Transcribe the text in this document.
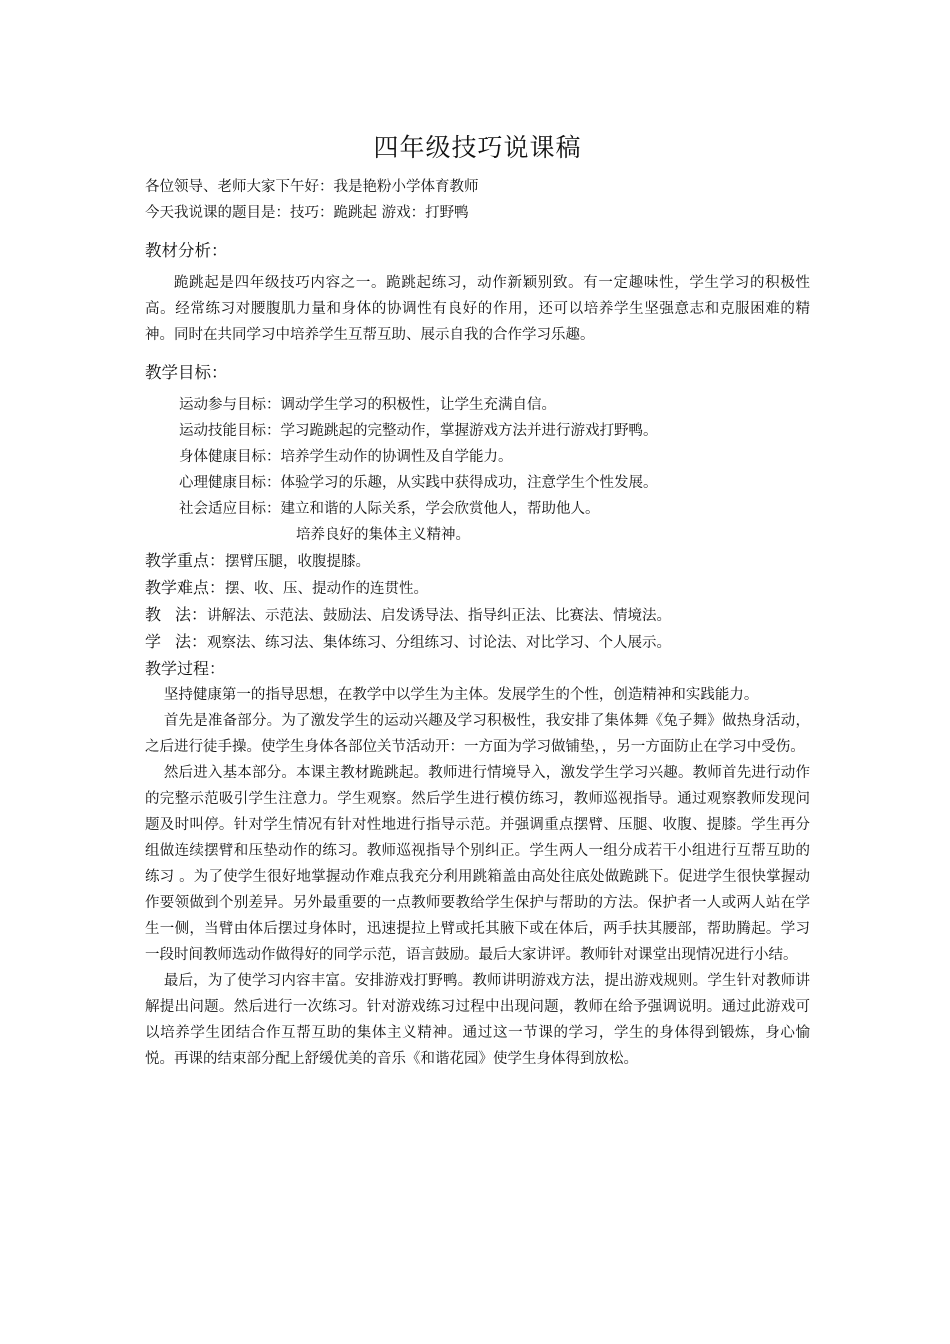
四年级技巧说课稿
各位领导、老师大家下午好：我是艳粉小学体育教师
今天我说课的题目是：技巧：跪跳起 游戏：打野鸭
教材分析：

跪跳起是四年级技巧内容之一。跪跳起练习，动作新颖别致。有一定趣味性，学生学习的积极性高。经常练习对腰腹肌力量和身体的协调性有良好的作用，还可以培养学生坚强意志和克服困难的精神。同时在共同学习中培养学生互帮互助、展示自我的合作学习乐趣。

教学目标：
运动参与目标：调动学生学习的积极性，让学生充满自信。
运动技能目标：学习跪跳起的完整动作，掌握游戏方法并进行游戏打野鸭。
身体健康目标：培养学生动作的协调性及自学能力。
心理健康目标：体验学习的乐趣，从实践中获得成功，注意学生个性发展。
社会适应目标：建立和谐的人际关系，学会欣赏他人，帮助他人。
培养良好的集体主义精神。
教学重点：摆臂压腿，收腹提膝。
教学难点：摆、收、压、提动作的连贯性。
教法：讲解法、示范法、鼓励法、启发诱导法、指导纠正法、比赛法、情境法。
学法：观察法、练习法、集体练习、分组练习、讨论法、对比学习、个人展示。
教学过程：

坚持健康第一的指导思想，在教学中以学生为主体。发展学生的个性，创造精神和实践能力。

首先是准备部分。为了激发学生的运动兴趣及学习积极性，我安排了集体舞《兔子舞》做热身活动，之后进行徒手操。使学生身体各部位关节活动开：一方面为学习做铺垫，，另一方面防止在学习中受伤。

然后进入基本部分。本课主教材跪跳起。教师进行情境导入，激发学生学习兴趣。教师首先进行动作的完整示范吸引学生注意力。学生观察。然后学生进行模仿练习，教师巡视指导。通过观察教师发现问题及时叫停。针对学生情况有针对性地进行指导示范。并强调重点摆臂、压腿、收腹、提膝。学生再分组做连续摆臂和压垫动作的练习。教师巡视指导个别纠正。学生两人一组分成若干小组进行互帮互助的练习 。为了使学生很好地掌握动作难点我充分利用跳箱盖由高处往底处做跪跳下。促进学生很快掌握动作要领做到个别差异。另外最重要的一点教师要教给学生保护与帮助的方法。保护者一人或两人站在学生一侧，当臂由体后摆过身体时，迅速提拉上臂或托其腋下或在体后，两手扶其腰部，帮助腾起。学习一段时间教师选动作做得好的同学示范，语言鼓励。最后大家讲评。教师针对课堂出现情况进行小结。

最后，为了使学习内容丰富。安排游戏打野鸭。教师讲明游戏方法，提出游戏规则。学生针对教师讲解提出问题。然后进行一次练习。针对游戏练习过程中出现问题，教师在给予强调说明。通过此游戏可以培养学生团结合作互帮互助的集体主义精神。通过这一节课的学习，学生的身体得到锻炼，身心愉悦。再课的结束部分配上舒缓优美的音乐《和谐花园》使学生身体得到放松。
